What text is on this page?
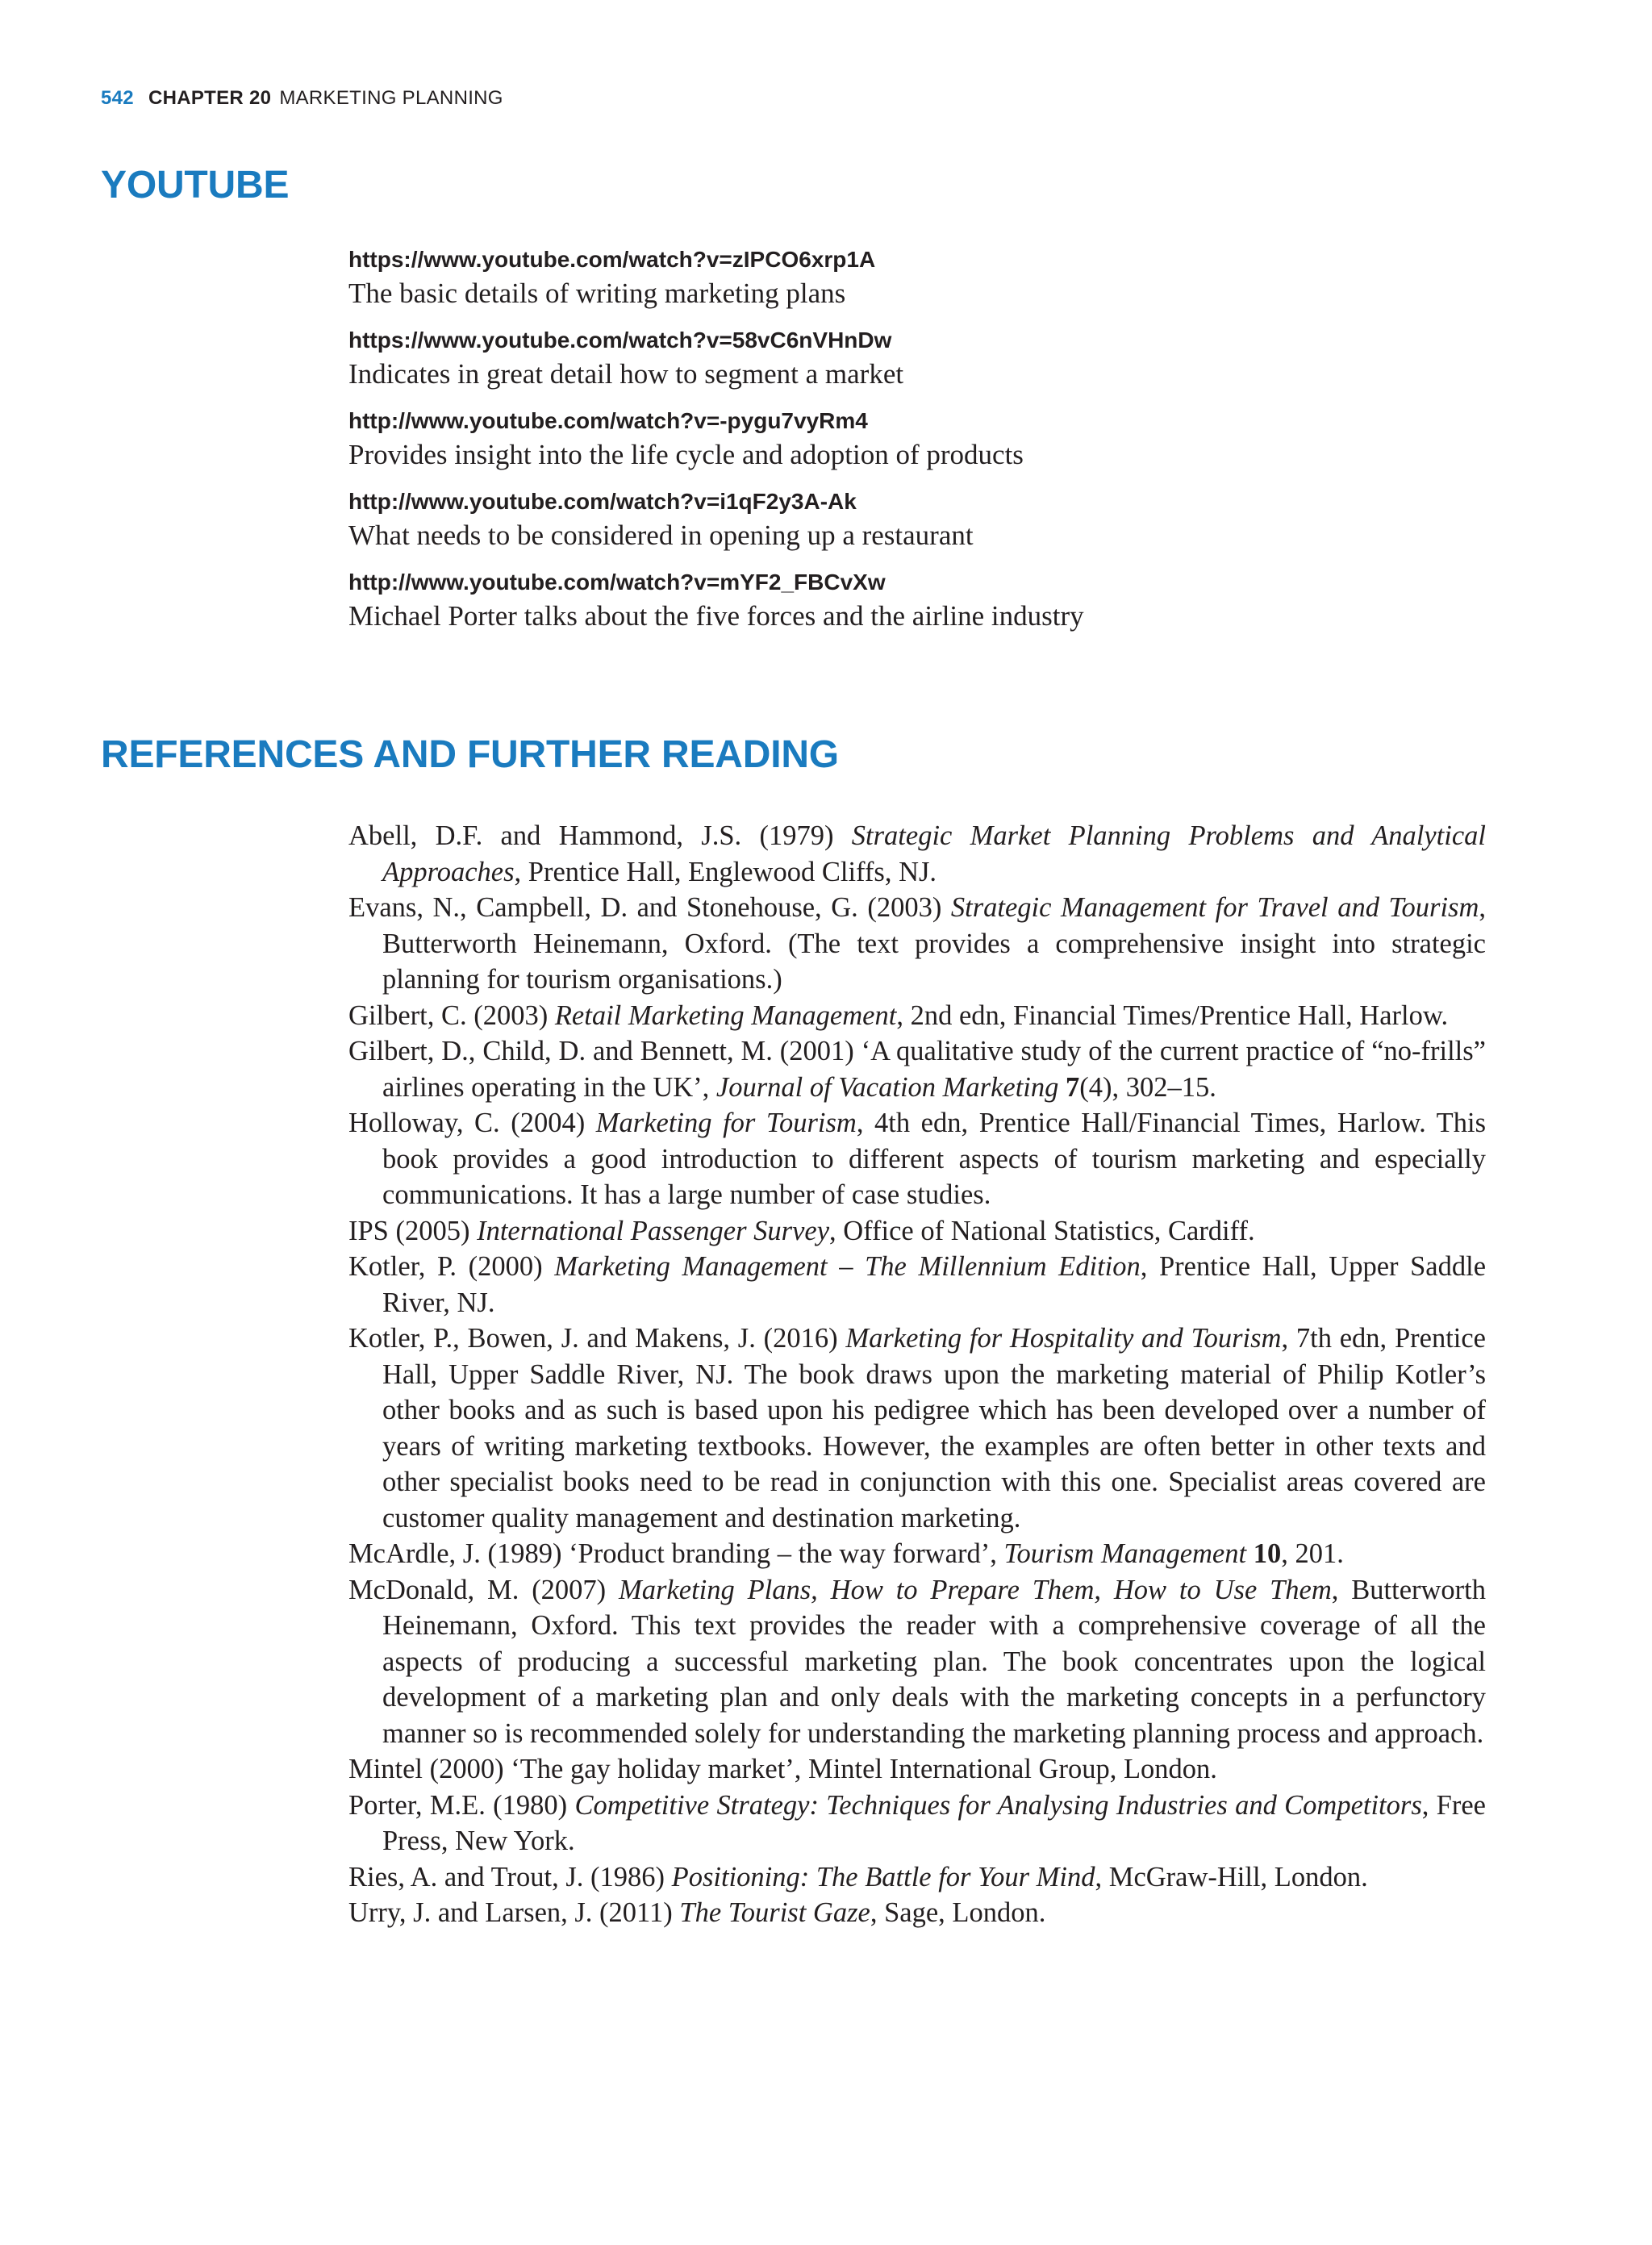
542 CHAPTER 20 MARKETING PLANNING
YOUTUBE
https://www.youtube.com/watch?v=zIPCO6xrp1A
The basic details of writing marketing plans
https://www.youtube.com/watch?v=58vC6nVHnDw
Indicates in great detail how to segment a market
http://www.youtube.com/watch?v=-pygu7vyRm4
Provides insight into the life cycle and adoption of products
http://www.youtube.com/watch?v=i1qF2y3A-Ak
What needs to be considered in opening up a restaurant
http://www.youtube.com/watch?v=mYF2_FBCvXw
Michael Porter talks about the five forces and the airline industry
REFERENCES AND FURTHER READING
Abell, D.F. and Hammond, J.S. (1979) Strategic Market Planning Problems and Analytical Approaches, Prentice Hall, Englewood Cliffs, NJ.
Evans, N., Campbell, D. and Stonehouse, G. (2003) Strategic Management for Travel and Tourism, Butterworth Heinemann, Oxford. (The text provides a comprehensive insight into strategic planning for tourism organisations.)
Gilbert, C. (2003) Retail Marketing Management, 2nd edn, Financial Times/Prentice Hall, Harlow.
Gilbert, D., Child, D. and Bennett, M. (2001) ‘A qualitative study of the current practice of “no-frills” airlines operating in the UK’, Journal of Vacation Marketing 7(4), 302–15.
Holloway, C. (2004) Marketing for Tourism, 4th edn, Prentice Hall/Financial Times, Harlow. This book provides a good introduction to different aspects of tourism marketing and especially communications. It has a large number of case studies.
IPS (2005) International Passenger Survey, Office of National Statistics, Cardiff.
Kotler, P. (2000) Marketing Management – The Millennium Edition, Prentice Hall, Upper Saddle River, NJ.
Kotler, P., Bowen, J. and Makens, J. (2016) Marketing for Hospitality and Tourism, 7th edn, Prentice Hall, Upper Saddle River, NJ. The book draws upon the marketing material of Philip Kotler’s other books and as such is based upon his pedigree which has been developed over a number of years of writing marketing textbooks. However, the examples are often better in other texts and other specialist books need to be read in conjunction with this one. Specialist areas covered are customer quality management and destination marketing.
McArdle, J. (1989) ‘Product branding – the way forward’, Tourism Management 10, 201.
McDonald, M. (2007) Marketing Plans, How to Prepare Them, How to Use Them, Butterworth Heinemann, Oxford. This text provides the reader with a comprehensive coverage of all the aspects of producing a successful marketing plan. The book concentrates upon the logical development of a marketing plan and only deals with the marketing concepts in a perfunctory manner so is recommended solely for understanding the marketing planning process and approach.
Mintel (2000) ‘The gay holiday market’, Mintel International Group, London.
Porter, M.E. (1980) Competitive Strategy: Techniques for Analysing Industries and Competitors, Free Press, New York.
Ries, A. and Trout, J. (1986) Positioning: The Battle for Your Mind, McGraw-Hill, London.
Urry, J. and Larsen, J. (2011) The Tourist Gaze, Sage, London.
